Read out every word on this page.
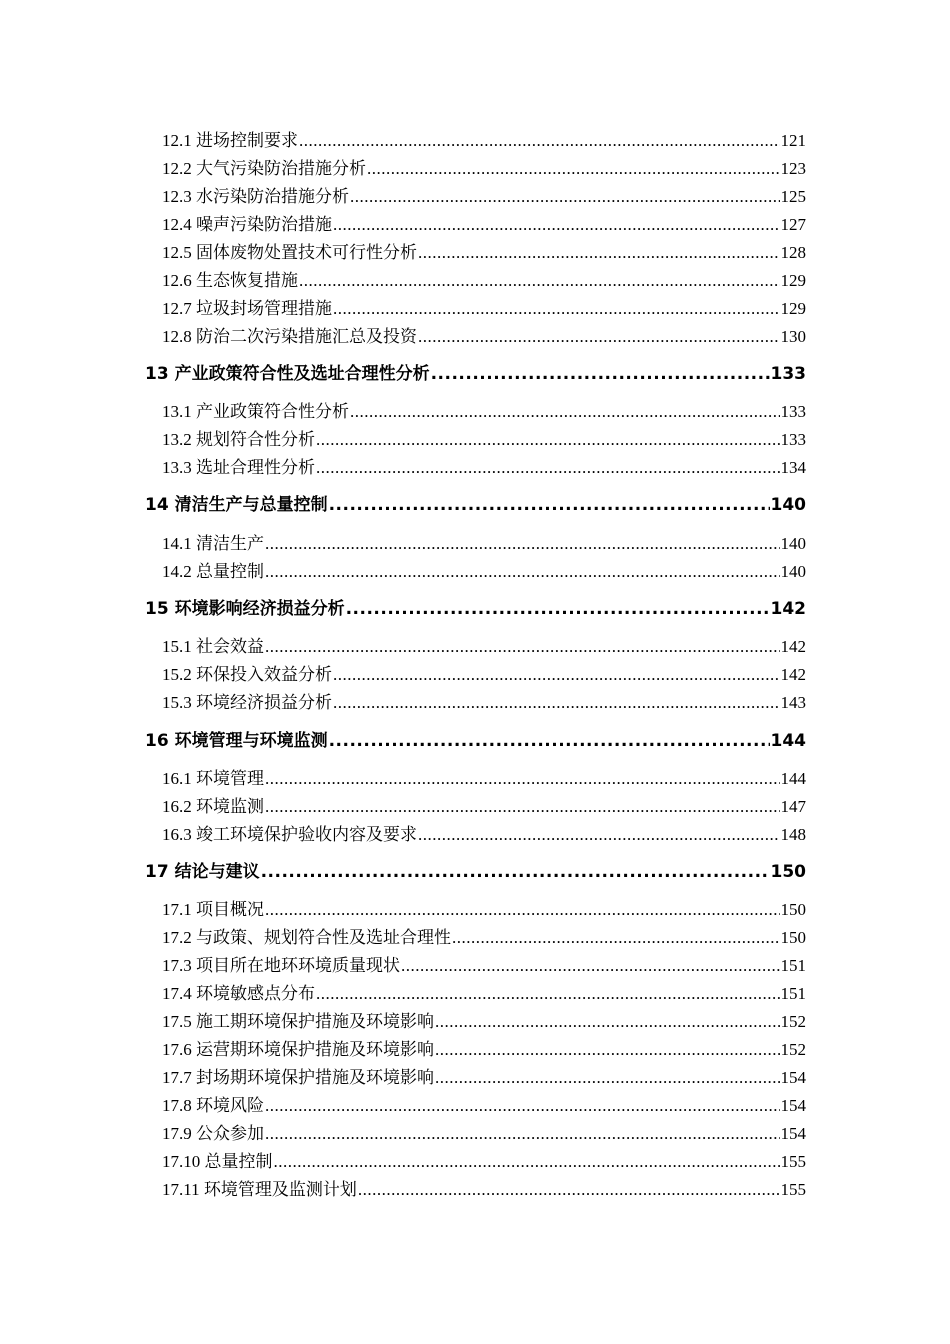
12.1 进场控制要求 .....	121
12.2 大气污染防治措施分析 .....	123
12.3 水污染防治措施分析 .....	125
12.4 噪声污染防治措施 .....	127
12.5 固体废物处置技术可行性分析 .....	128
12.6 生态恢复措施 .....	129
12.7 垃圾封场管理措施 .....	129
12.8 防治二次污染措施汇总及投资 .....	130
13 产业政策符合性及选址合理性分析 .....	133
13.1 产业政策符合性分析 .....	133
13.2 规划符合性分析 .....	133
13.3 选址合理性分析 .....	134
14 清洁生产与总量控制 .....	140
14.1 清洁生产 .....	140
14.2 总量控制 .....	140
15 环境影响经济损益分析 .....	142
15.1 社会效益 .....	142
15.2 环保投入效益分析 .....	142
15.3 环境经济损益分析 .....	143
16 环境管理与环境监测 .....	144
16.1 环境管理 .....	144
16.2 环境监测 .....	147
16.3 竣工环境保护验收内容及要求 .....	148
17 结论与建议 .....	150
17.1 项目概况 .....	150
17.2 与政策、规划符合性及选址合理性 .....	150
17.3 项目所在地环环境质量现状 .....	151
17.4 环境敏感点分布 .....	151
17.5 施工期环境保护措施及环境影响 .....	152
17.6 运营期环境保护措施及环境影响 .....	152
17.7 封场期环境保护措施及环境影响 .....	154
17.8 环境风险 .....	154
17.9 公众参加 .....	154
17.10 总量控制 .....	155
17.11 环境管理及监测计划 .....	155
